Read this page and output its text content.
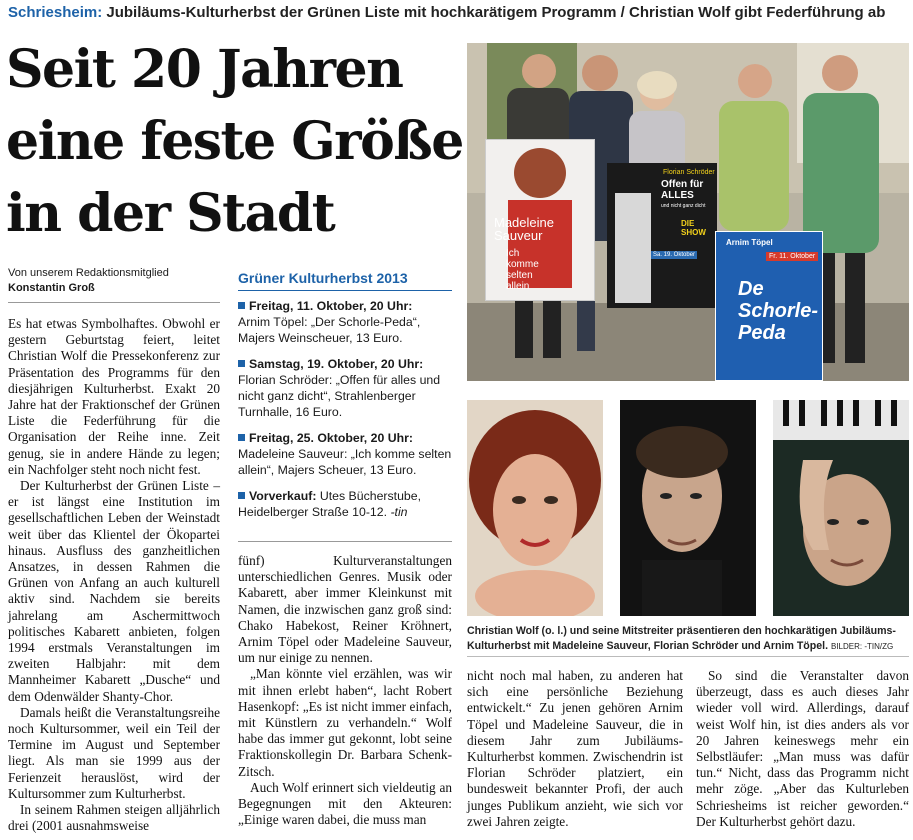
Schriesheim: Jubiläums-Kulturherbst der Grünen Liste mit hochkarätigem Programm / Christian Wolf gibt Federführung ab
Seit 20 Jahren
eine feste Größe
in der Stadt
Von unserem Redaktionsmitglied
Konstantin Groß
Grüner Kulturherbst 2013
Freitag, 11. Oktober, 20 Uhr:
Arnim Töpel: „Der Schorle-Peda“, Majers Weinscheuer, 13 Euro.
Samstag, 19. Oktober, 20 Uhr:
Florian Schröder: „Offen für alles und nicht ganz dicht“, Strahlenberger Turnhalle, 16 Euro.
Freitag, 25. Oktober, 20 Uhr:
Madeleine Sauveur: „Ich komme selten allein“, Majers Scheuer, 13 Euro.
Vorverkauf: Utes Bücherstube, Heidelberger Straße 10-12. -tin

Es hat etwas Symbolhaftes. Obwohl er gestern Geburtstag feiert, leitet Christian Wolf die Pressekonferenz zur Präsentation des Programms für den diesjährigen Kulturherbst. Exakt 20 Jahre hat der Fraktionschef der Grünen Liste die Federführung für die Organisation der Reihe inne. Zeit genug, sie in andere Hände zu legen; ein Nachfolger steht noch nicht fest.

Der Kulturherbst der Grünen Liste – er ist längst eine Institution im gesellschaftlichen Leben der Weinstadt weit über das Klientel der Ökopartei hinaus. Ausfluss des ganzheitlichen Ansatzes, in dessen Rahmen die Grünen von Anfang an auch kulturell aktiv sind. Nachdem sie bereits jahrelang am Aschermittwoch politisches Kabarett anbieten, folgen 1994 erstmals Veranstaltungen im zweiten Halbjahr: mit dem Mannheimer Kabarett „Dusche“ und dem Odenwälder Shanty-Chor.

Damals heißt die Veranstaltungsreihe noch Kultursommer, weil ein Teil der Termine im August und September liegt. Als man sie 1999 aus der Ferienzeit herauslöst, wird der Kultursommer zum Kulturherbst.

In seinem Rahmen steigen alljährlich drei (2001 ausnahmsweise

fünf) Kulturveranstaltungen unterschiedlichen Genres. Musik oder Kabarett, aber immer Kleinkunst mit Namen, die inzwischen ganz groß sind: Chako Habekost, Reiner Kröhnert, Arnim Töpel oder Madeleine Sauveur, um nur einige zu nennen.

„Man könnte viel erzählen, was wir mit ihnen erlebt haben“, lacht Robert Hasenkopf: „Es ist nicht immer einfach, mit Künstlern zu verhandeln.“ Wolf habe das immer gut gekonnt, lobt seine Fraktionskollegin Dr. Barbara Schenk-Zitsch.

Auch Wolf erinnert sich vieldeutig an Begegnungen mit den Akteuren: „Einige waren dabei, die muss man

nicht noch mal haben, zu anderen hat sich eine persönliche Beziehung entwickelt.“ Zu jenen gehören Arnim Töpel und Madeleine Sauveur, die in diesem Jahr zum Jubiläums-Kulturherbst kommen. Zwischendrin ist Florian Schröder platziert, ein bundesweit bekannter Profi, der auch junges Publikum anzieht, wie sich vor zwei Jahren zeigte.

So sind die Veranstalter davon überzeugt, dass es auch dieses Jahr wieder voll wird. Allerdings, darauf weist Wolf hin, ist dies anders als vor 20 Jahren keineswegs mehr ein Selbstläufer: „Man muss was dafür tun.“ Nicht, dass das Programm nicht mehr zöge. „Aber das Kulturleben Schriesheims ist reicher geworden.“ Der Kulturherbst gehört dazu.

Madeleine
Sauveur
Ich
komme
selten
allein
Florian Schröder
Offen für
ALLES
und nicht ganz dicht
DIE
SHOW
Sa. 19. Oktober
Arnim Töpel
Fr. 11. Oktober
De
Schorle-
Peda
Christian Wolf (o. l.) und seine Mitstreiter präsentieren den hochkarätigen Jubiläums-Kulturherbst mit Madeleine Sauveur, Florian Schröder und Arnim Töpel. BILDER: -TIN/ZG
